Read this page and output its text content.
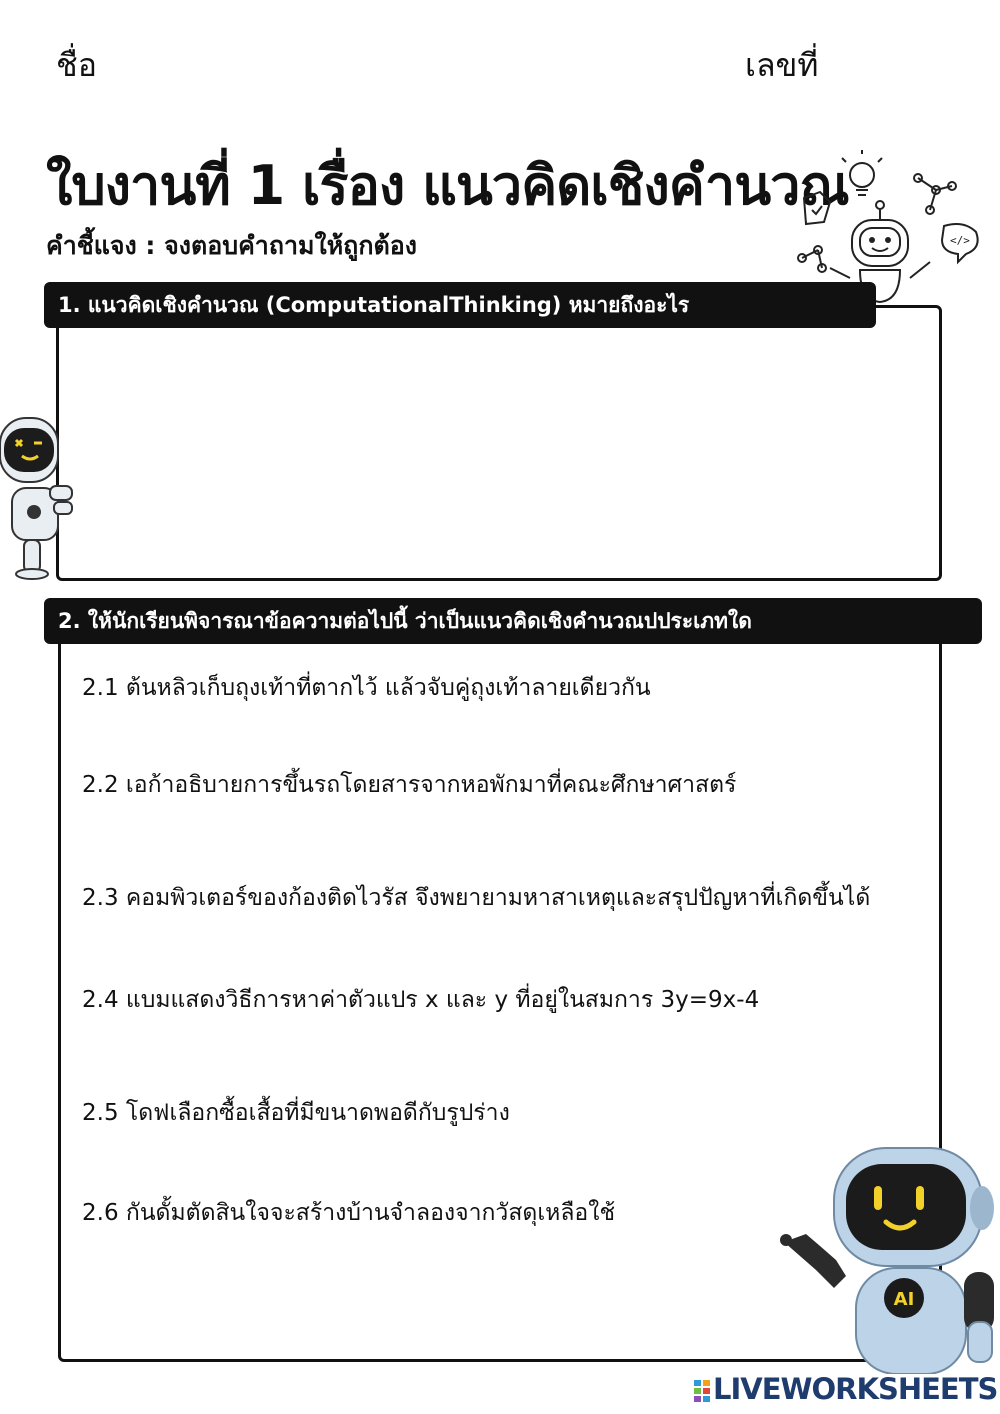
ชื่อ	เลขที่
ใบงานที่ 1 เรื่อง แนวคิดเชิงคำนวณ
คำชี้แจง : จงตอบคำถามให้ถูกต้อง	</>
1. แนวคิดเชิงคำนวณ (ComputationalThinking) หมายถึงอะไร
2. ให้นักเรียนพิจารณาข้อความต่อไปนี้ ว่าเป็นแนวคิดเชิงคำนวณปประเภทใด
2.1 ต้นหลิวเก็บถุงเท้าที่ตากไว้ แล้วจับคู่ถุงเท้าลายเดียวกัน
2.2 เอก้าอธิบายการขึ้นรถโดยสารจากหอพักมาที่คณะศึกษาศาสตร์
2.3 คอมพิวเตอร์ของก้องติดไวรัส จึงพยายามหาสาเหตุและสรุปปัญหาที่เกิดขึ้นได้
2.4 แบมแสดงวิธีการหาค่าตัวแปร x และ y ที่อยู่ในสมการ 3y=9x-4
2.5 โดฟเลือกซื้อเสื้อที่มีขนาดพอดีกับรูปร่าง
2.6 กันดั้มตัดสินใจจะสร้างบ้านจำลองจากวัสดุเหลือใช้
AI
LIVEWORKSHEETS
